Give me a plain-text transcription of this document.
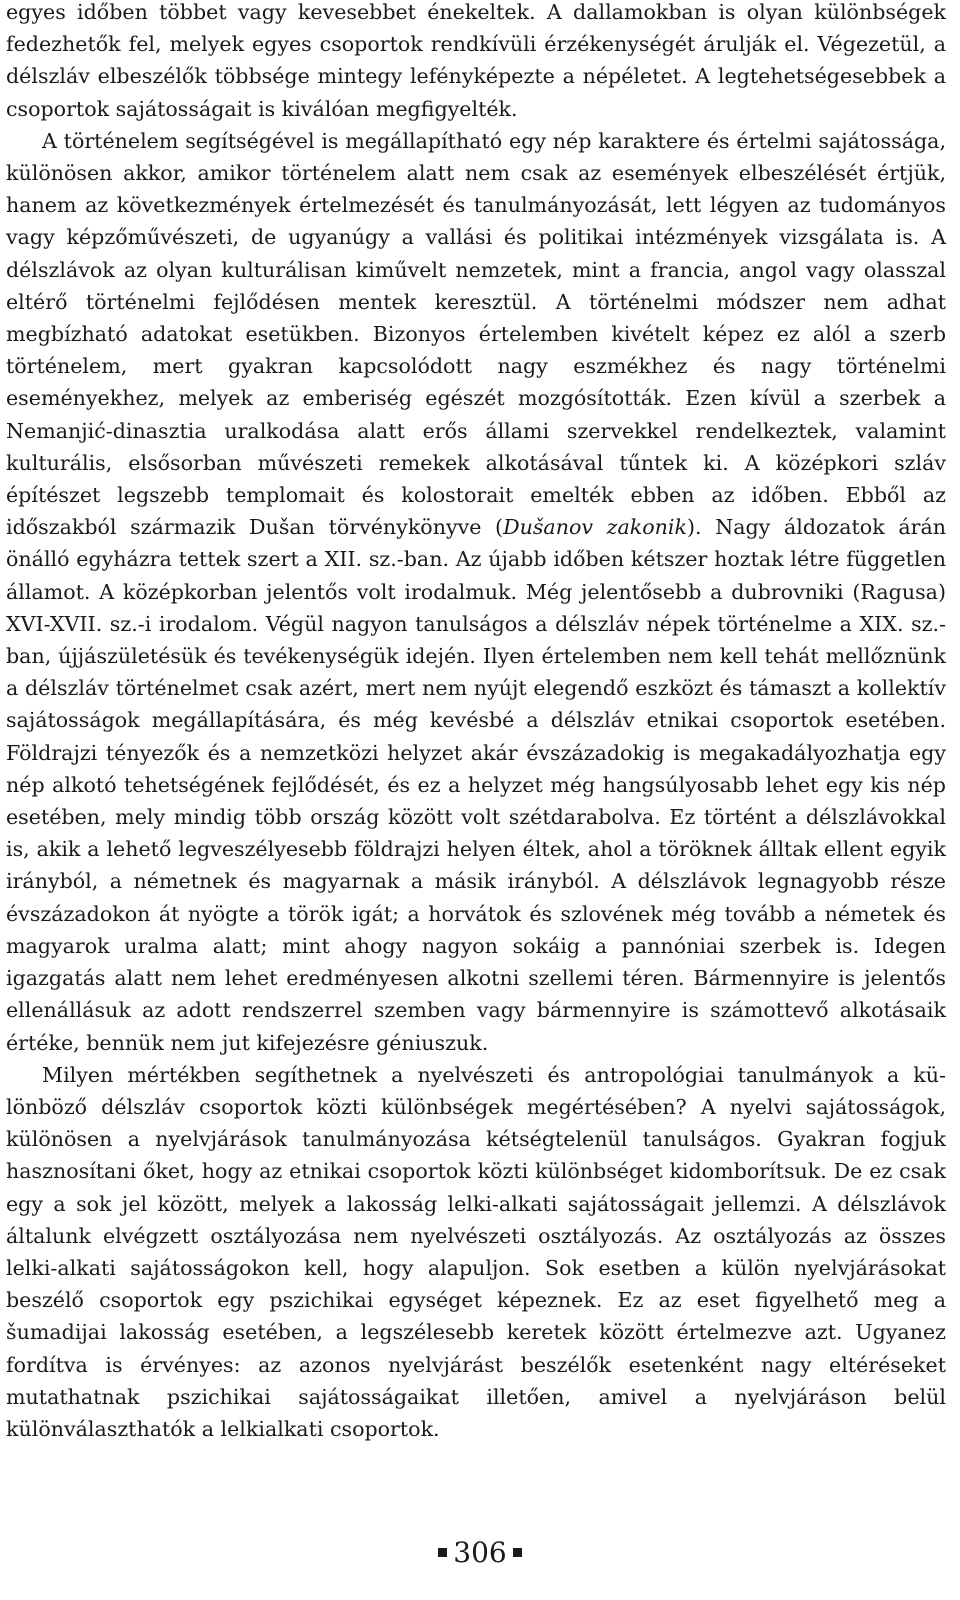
egyes időben többet vagy kevesebbet énekeltek. A dallamokban is olyan különbségek fedezhetők fel, melyek egyes csoportok rendkívüli érzékenységét árulják el. Végezetül, a délszláv elbeszélők többsége mintegy lefényképezte a népéletet. A legtehetségesebbek a csoportok sajátosságait is kiválóan megfigyelték.

A történelem segítségével is megállapítható egy nép karaktere és értelmi sajátossága, különösen akkor, amikor történelem alatt nem csak az események elbeszélését értjük, hanem az következmények értelmezését és tanulmányozását, lett légyen az tudományos vagy képzőművészeti, de ugyanúgy a vallási és politikai intézmények vizsgálata is. A délszlávok az olyan kulturálisan kiművelt nemzetek, mint a francia, angol vagy olasszal eltérő történelmi fejlődésen mentek keresztül. A történelmi módszer nem adhat megbízható adatokat esetükben. Bizonyos értelemben kivételt képez ez alól a szerb történelem, mert gyakran kapcsolódott nagy eszmékhez és nagy történelmi eseményekhez, melyek az emberiség egészét mozgósították. Ezen kívül a szerbek a Nemanjić-dinasztia uralkodása alatt erős állami szervekkel rendelkeztek, valamint kulturális, elsősorban művészeti remekek alkotásával tűntek ki. A középkori szláv építészet legszebb templomait és kolostorait emelték ebben az időben. Ebből az időszakból származik Dušan törvénykönyve (Dušanov zakonik). Nagy áldozatok árán önálló egyházra tettek szert a XII. sz.-ban. Az újabb időben kétszer hoztak létre független államot. A középkorban jelentős volt irodalmuk. Még jelentősebb a dubrovniki (Ragusa) XVI-XVII. sz.-i irodalom. Végül nagyon tanulságos a délszláv népek történelme a XIX. sz.-ban, újjászületésük és tevékenységük idején. Ilyen értelemben nem kell tehát mellőznünk a délszláv történelmet csak azért, mert nem nyújt elegendő eszközt és támaszt a kollektív sajátosságok megállapítására, és még kevésbé a délszláv etnikai csoportok esetében. Földrajzi tényezők és a nemzetközi helyzet akár évszázadokig is megakadályozhatja egy nép alkotó tehetségének fejlődését, és ez a helyzet még hangsúlyosabb lehet egy kis nép esetében, mely mindig több ország között volt szétdarabolva. Ez történt a délszlávokkal is, akik a lehető legveszélyesebb földrajzi helyen éltek, ahol a töröknek álltak ellent egyik irányból, a németnek és magyarnak a másik irányból. A délszlávok legnagyobb része évszázadokon át nyögte a török igát; a horvátok és szlovének még tovább a németek és magyarok uralma alatt; mint ahogy nagyon sokáig a pannóniai szerbek is. Idegen igazgatás alatt nem lehet eredményesen alkotni szellemi téren. Bármennyire is jelentős ellenállásuk az adott rendszerrel szemben vagy bármennyire is számottevő alkotásaik értéke, bennük nem jut kifejezésre géniuszuk.

Milyen mértékben segíthetnek a nyelvészeti és antropológiai tanulmányok a különböző délszláv csoportok közti különbségek megértésében? A nyelvi sajátosságok, különösen a nyelvjárások tanulmányozása kétségtelenül tanulságos. Gyakran fogjuk hasznosítani őket, hogy az etnikai csoportok közti különbséget kidomborítsuk. De ez csak egy a sok jel között, melyek a lakosság lelki-alkati sajátosságait jellemzi. A délszlávok általunk elvégzett osztályozása nem nyelvészeti osztályozás. Az osztályozás az összes lelki-alkati sajátosságokon kell, hogy alapuljon. Sok esetben a külön nyelvjárásokat beszélő csoportok egy pszichikai egységet képeznek. Ez az eset figyelhető meg a šumadijai lakosság esetében, a legszélesebb keretek között értelmezve azt. Ugyanez fordítva is érvényes: az azonos nyelvjárást beszélők esetenként nagy eltéréseket mutathatnak pszichikai sajátosságaikat illetően, amivel a nyelvjáráson belül különválaszthatók a lelkialkati csoportok.

306
